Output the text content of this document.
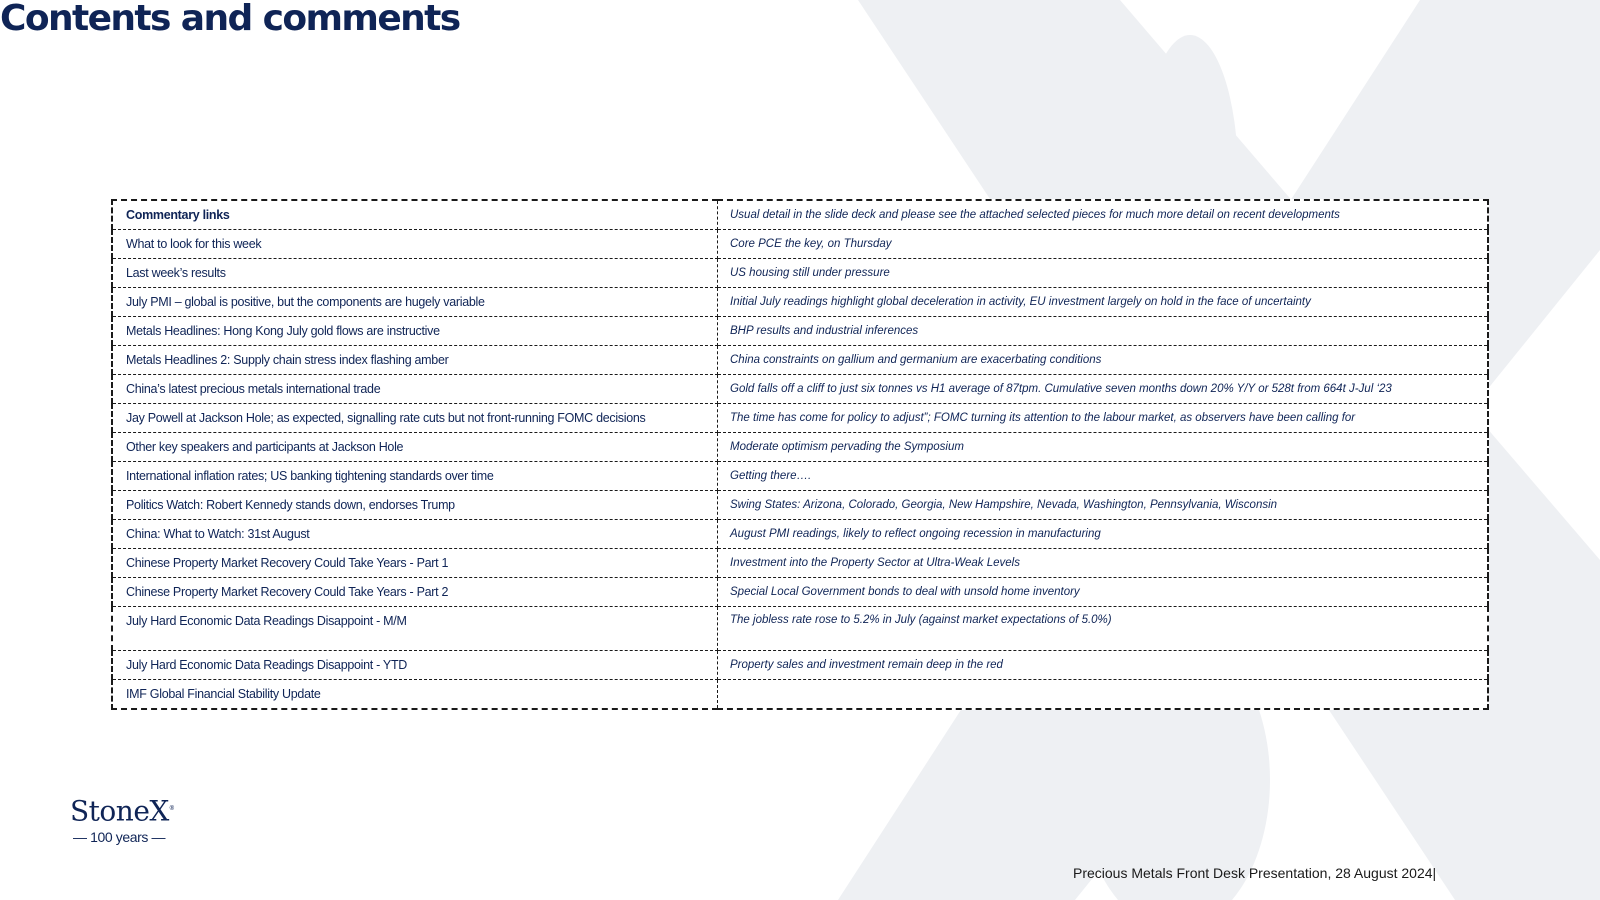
Contents and comments
Commentary links	Usual detail in the slide deck and please see the attached selected pieces for much more detail on recent developments
What to look for this week	Core PCE the key, on Thursday
Last week’s results	US housing still under pressure
July PMI – global is positive, but the components are hugely variable	Initial July readings highlight global deceleration in activity, EU investment largely on hold in the face of uncertainty
Metals Headlines: Hong Kong July gold flows are instructive	BHP results and industrial inferences
Metals Headlines 2: Supply chain stress index flashing amber	China constraints on gallium and germanium are exacerbating conditions
China’s latest precious metals international trade	Gold falls off a cliff to just six tonnes vs H1 average of 87tpm. Cumulative seven months down 20% Y/Y or 528t from 664t J-Jul ‘23
Jay Powell at Jackson Hole; as expected, signalling rate cuts but not front-running FOMC decisions	The time has come for policy to adjust”; FOMC turning its attention to the labour market, as observers have been calling for
Other key speakers and participants at Jackson Hole	Moderate optimism pervading the Symposium
International inflation rates; US banking tightening standards over time	Getting there….
Politics Watch: Robert Kennedy stands down, endorses Trump	Swing States: Arizona, Colorado, Georgia, New Hampshire, Nevada, Washington, Pennsylvania, Wisconsin
China: What to Watch: 31st August	August PMI readings, likely to reflect ongoing recession in manufacturing
Chinese Property Market Recovery Could Take Years - Part 1	Investment into the Property Sector at Ultra-Weak Levels
Chinese Property Market Recovery Could Take Years - Part 2	Special Local Government bonds to deal with unsold home inventory
July Hard Economic Data Readings Disappoint - M/M	The jobless rate rose to 5.2% in July (against market expectations of 5.0%)
July Hard Economic Data Readings Disappoint - YTD	Property sales and investment remain deep in the red
IMF Global Financial Stability Update	
StoneX®
— 100 years —
Precious Metals Front Desk Presentation, 28 August 2024|
